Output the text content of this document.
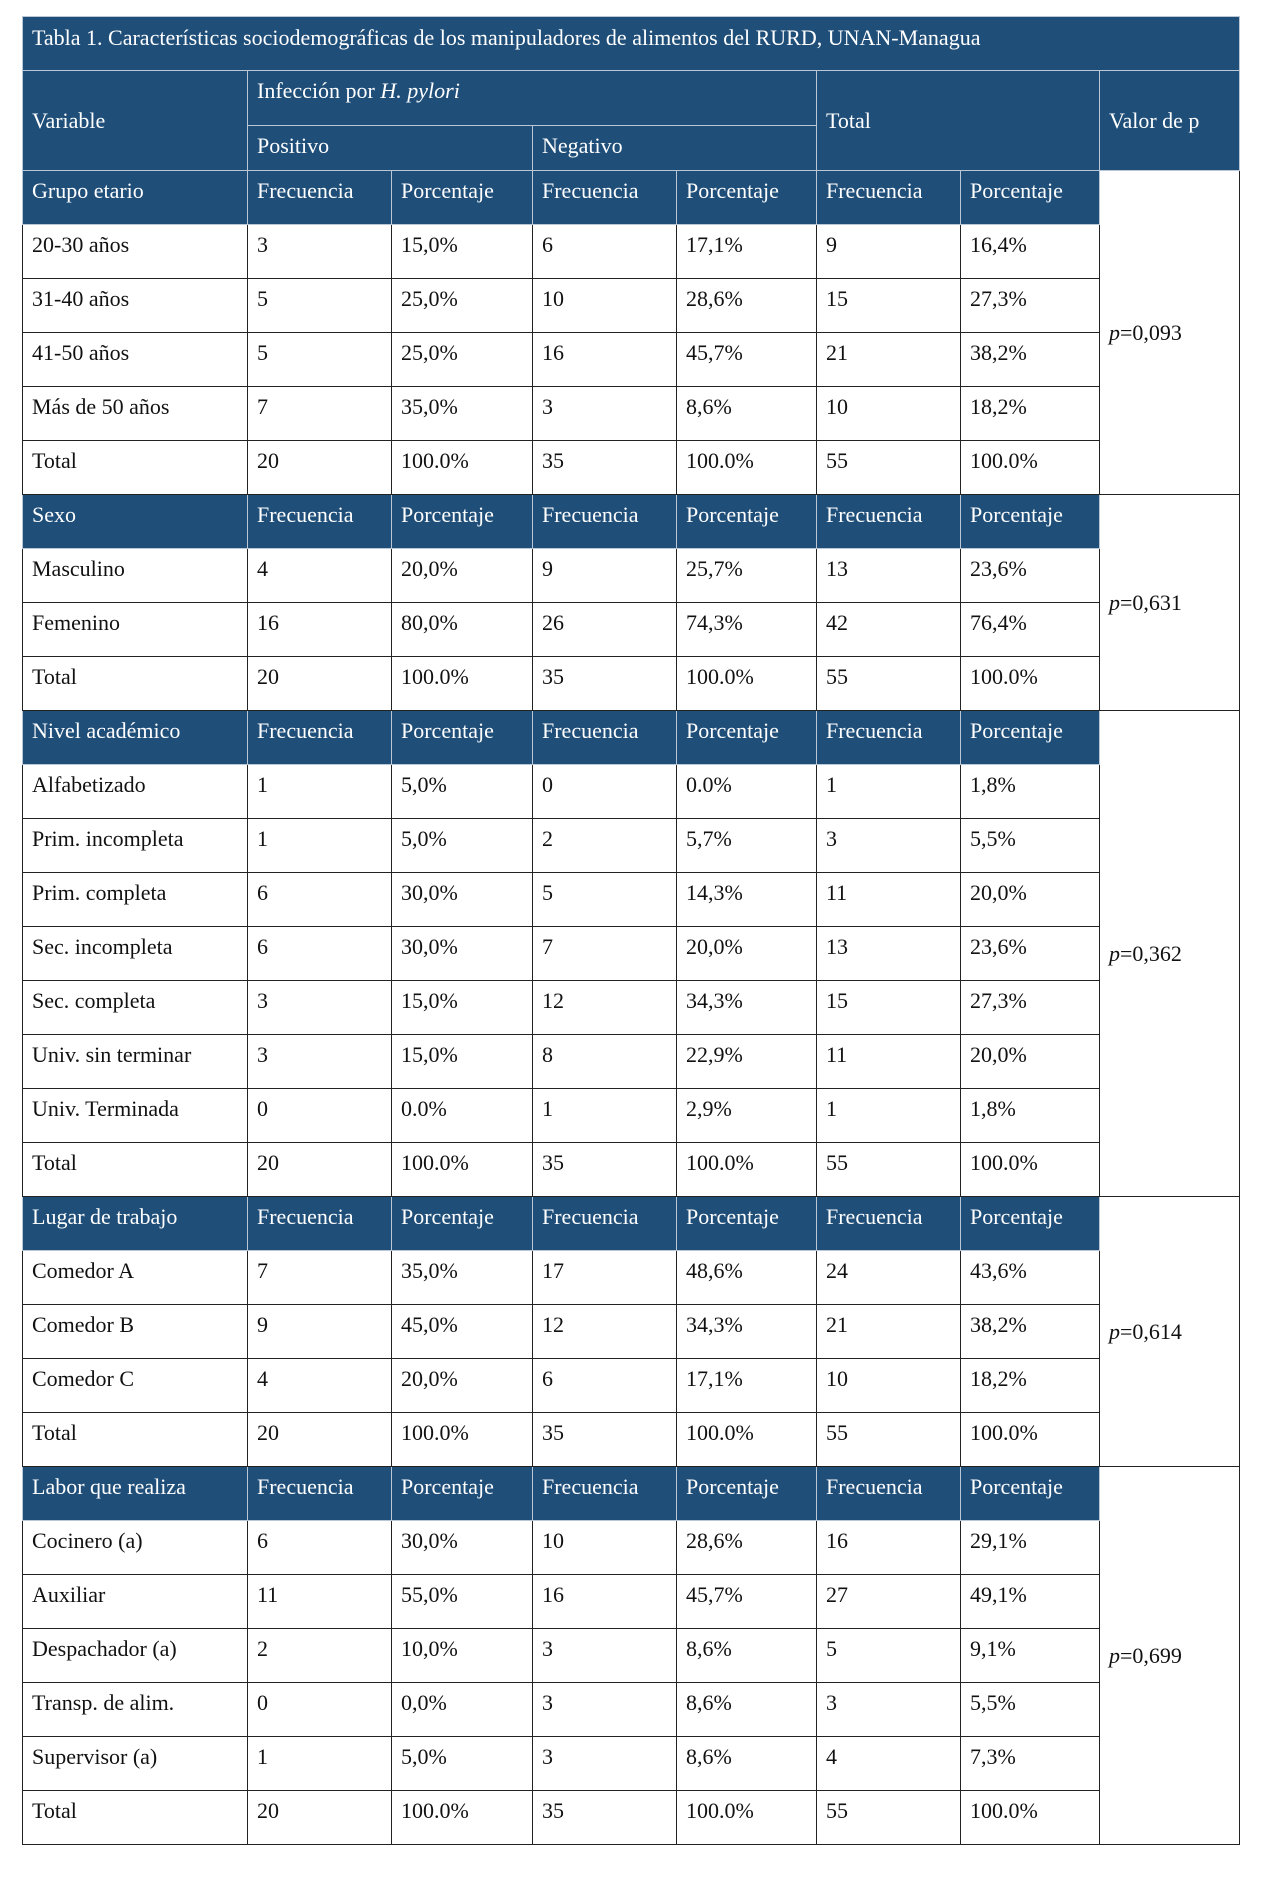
Tabla 1. Características sociodemográficas de los manipuladores de alimentos del RURD, UNAN-Managua							
Variable	Infección por H. pylori				Total		Valor de p
	Positivo		Negativo				
Grupo etario	Frecuencia	Porcentaje	Frecuencia	Porcentaje	Frecuencia	Porcentaje	p=0,093
20-30 años	3	15,0%	6	17,1%	9	16,4%	
31-40 años	5	25,0%	10	28,6%	15	27,3%	
41-50 años	5	25,0%	16	45,7%	21	38,2%	
Más de 50 años	7	35,0%	3	8,6%	10	18,2%	
Total	20	100.0%	35	100.0%	55	100.0%	
Sexo	Frecuencia	Porcentaje	Frecuencia	Porcentaje	Frecuencia	Porcentaje	p=0,631
Masculino	4	20,0%	9	25,7%	13	23,6%	
Femenino	16	80,0%	26	74,3%	42	76,4%	
Total	20	100.0%	35	100.0%	55	100.0%	
Nivel académico	Frecuencia	Porcentaje	Frecuencia	Porcentaje	Frecuencia	Porcentaje	p=0,362
Alfabetizado	1	5,0%	0	0.0%	1	1,8%	
Prim. incompleta	1	5,0%	2	5,7%	3	5,5%	
Prim. completa	6	30,0%	5	14,3%	11	20,0%	
Sec. incompleta	6	30,0%	7	20,0%	13	23,6%	
Sec. completa	3	15,0%	12	34,3%	15	27,3%	
Univ. sin terminar	3	15,0%	8	22,9%	11	20,0%	
Univ. Terminada	0	0.0%	1	2,9%	1	1,8%	
Total	20	100.0%	35	100.0%	55	100.0%	
Lugar de trabajo	Frecuencia	Porcentaje	Frecuencia	Porcentaje	Frecuencia	Porcentaje	p=0,614
Comedor A	7	35,0%	17	48,6%	24	43,6%	
Comedor B	9	45,0%	12	34,3%	21	38,2%	
Comedor C	4	20,0%	6	17,1%	10	18,2%	
Total	20	100.0%	35	100.0%	55	100.0%	
Labor que realiza	Frecuencia	Porcentaje	Frecuencia	Porcentaje	Frecuencia	Porcentaje	p=0,699
Cocinero (a)	6	30,0%	10	28,6%	16	29,1%	
Auxiliar	11	55,0%	16	45,7%	27	49,1%	
Despachador (a)	2	10,0%	3	8,6%	5	9,1%	
Transp. de alim.	0	0,0%	3	8,6%	3	5,5%	
Supervisor (a)	1	5,0%	3	8,6%	4	7,3%	
Total	20	100.0%	35	100.0%	55	100.0%	
